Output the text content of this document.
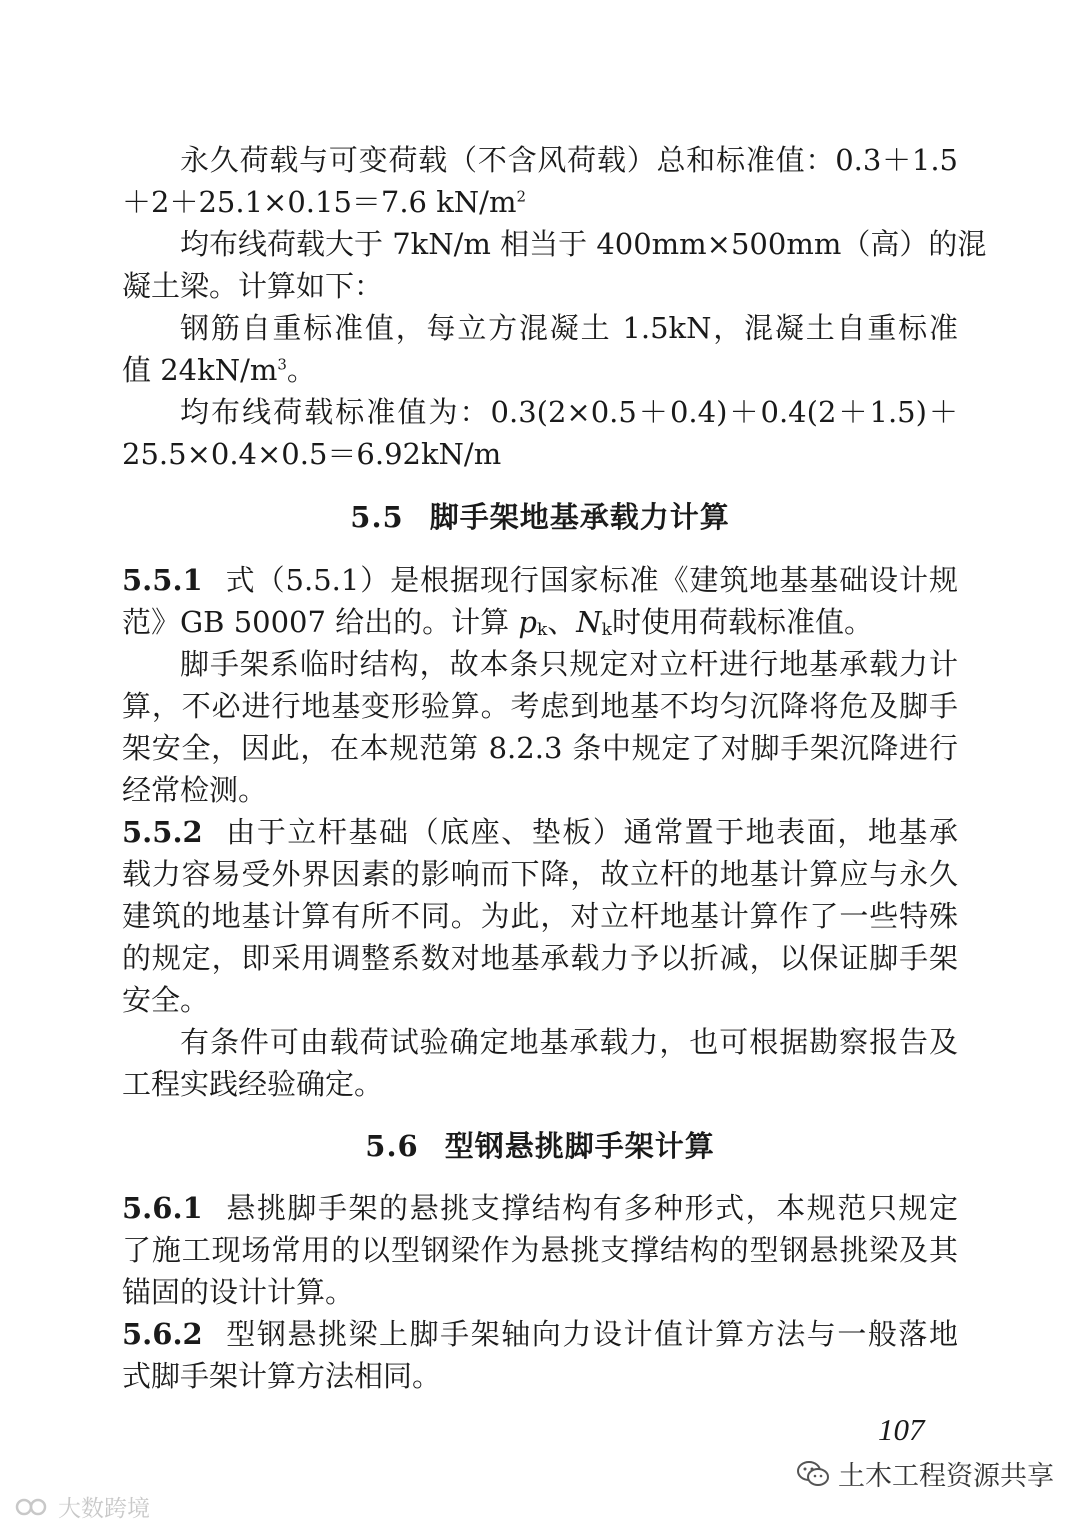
永久荷载与可变荷载（不含风荷载）总和标准值：0.3＋1.5
＋2＋25.1×0.15＝7.6 $kN/m^2$
均布线荷载大于 7kN/m 相当于 400mm×500mm（高）的混
凝土梁。计算如下：
钢筋自重标准值，每立方混凝土 1.5kN，混凝土自重标准
值 $24kN/m^3$。
均布线荷载标准值为：0.3(2×0.5＋0.4)＋0.4(2＋1.5)＋
25.5×0.4×0.5＝6.92kN/m
5.5 脚手架地基承载力计算
5.5.1 式（5.5.1）是根据现行国家标准《建筑地基基础设计规
范》GB 50007 给出的。计算 pk、Nk时使用荷载标准值。
脚手架系临时结构，故本条只规定对立杆进行地基承载力计
算，不必进行地基变形验算。考虑到地基不均匀沉降将危及脚手
架安全，因此，在本规范第 8.2.3 条中规定了对脚手架沉降进行
经常检测。
5.5.2 由于立杆基础（底座、垫板）通常置于地表面，地基承
载力容易受外界因素的影响而下降，故立杆的地基计算应与永久
建筑的地基计算有所不同。为此，对立杆地基计算作了一些特殊
的规定，即采用调整系数对地基承载力予以折减，以保证脚手架
安全。
有条件可由载荷试验确定地基承载力，也可根据勘察报告及
工程实践经验确定。
5.6 型钢悬挑脚手架计算
5.6.1 悬挑脚手架的悬挑支撑结构有多种形式，本规范只规定
了施工现场常用的以型钢梁作为悬挑支撑结构的型钢悬挑梁及其
锚固的设计计算。
5.6.2 型钢悬挑梁上脚手架轴向力设计值计算方法与一般落地
式脚手架计算方法相同。
107
土木工程资源共享
大数跨境
